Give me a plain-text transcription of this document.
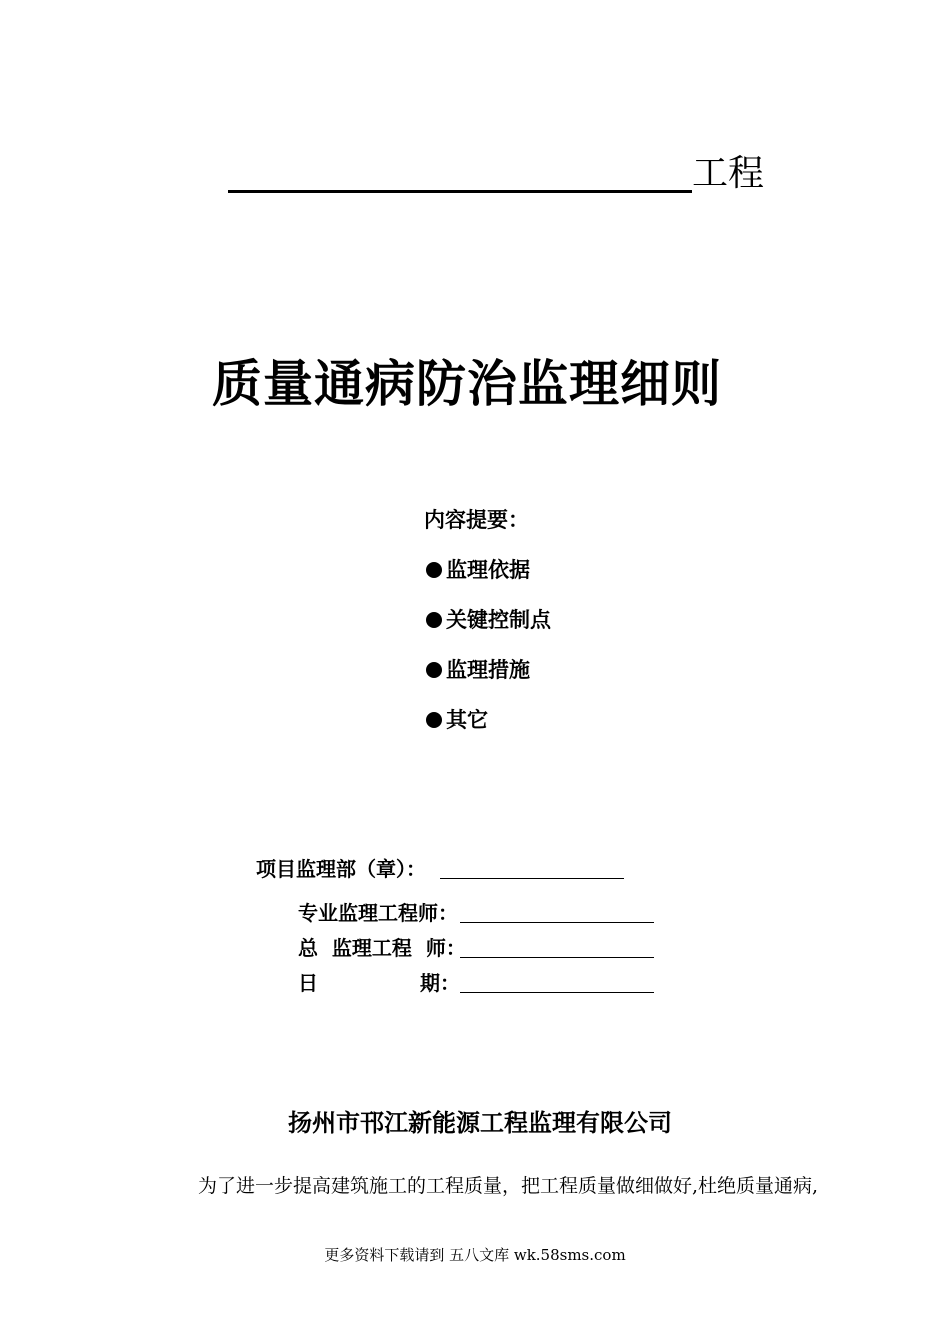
工程
质量通病防治监理细则
内容提要：
监理依据
关键控制点
监理措施
其它
项目监理部（章）：
专业监理工程师：
总  监理工程  师：
日	期：
扬州市邗江新能源工程监理有限公司
为了进一步提高建筑施工的工程质量，把工程质量做细做好,杜绝质量通病,
更多资料下载请到 五八文库 wk.58sms.com
